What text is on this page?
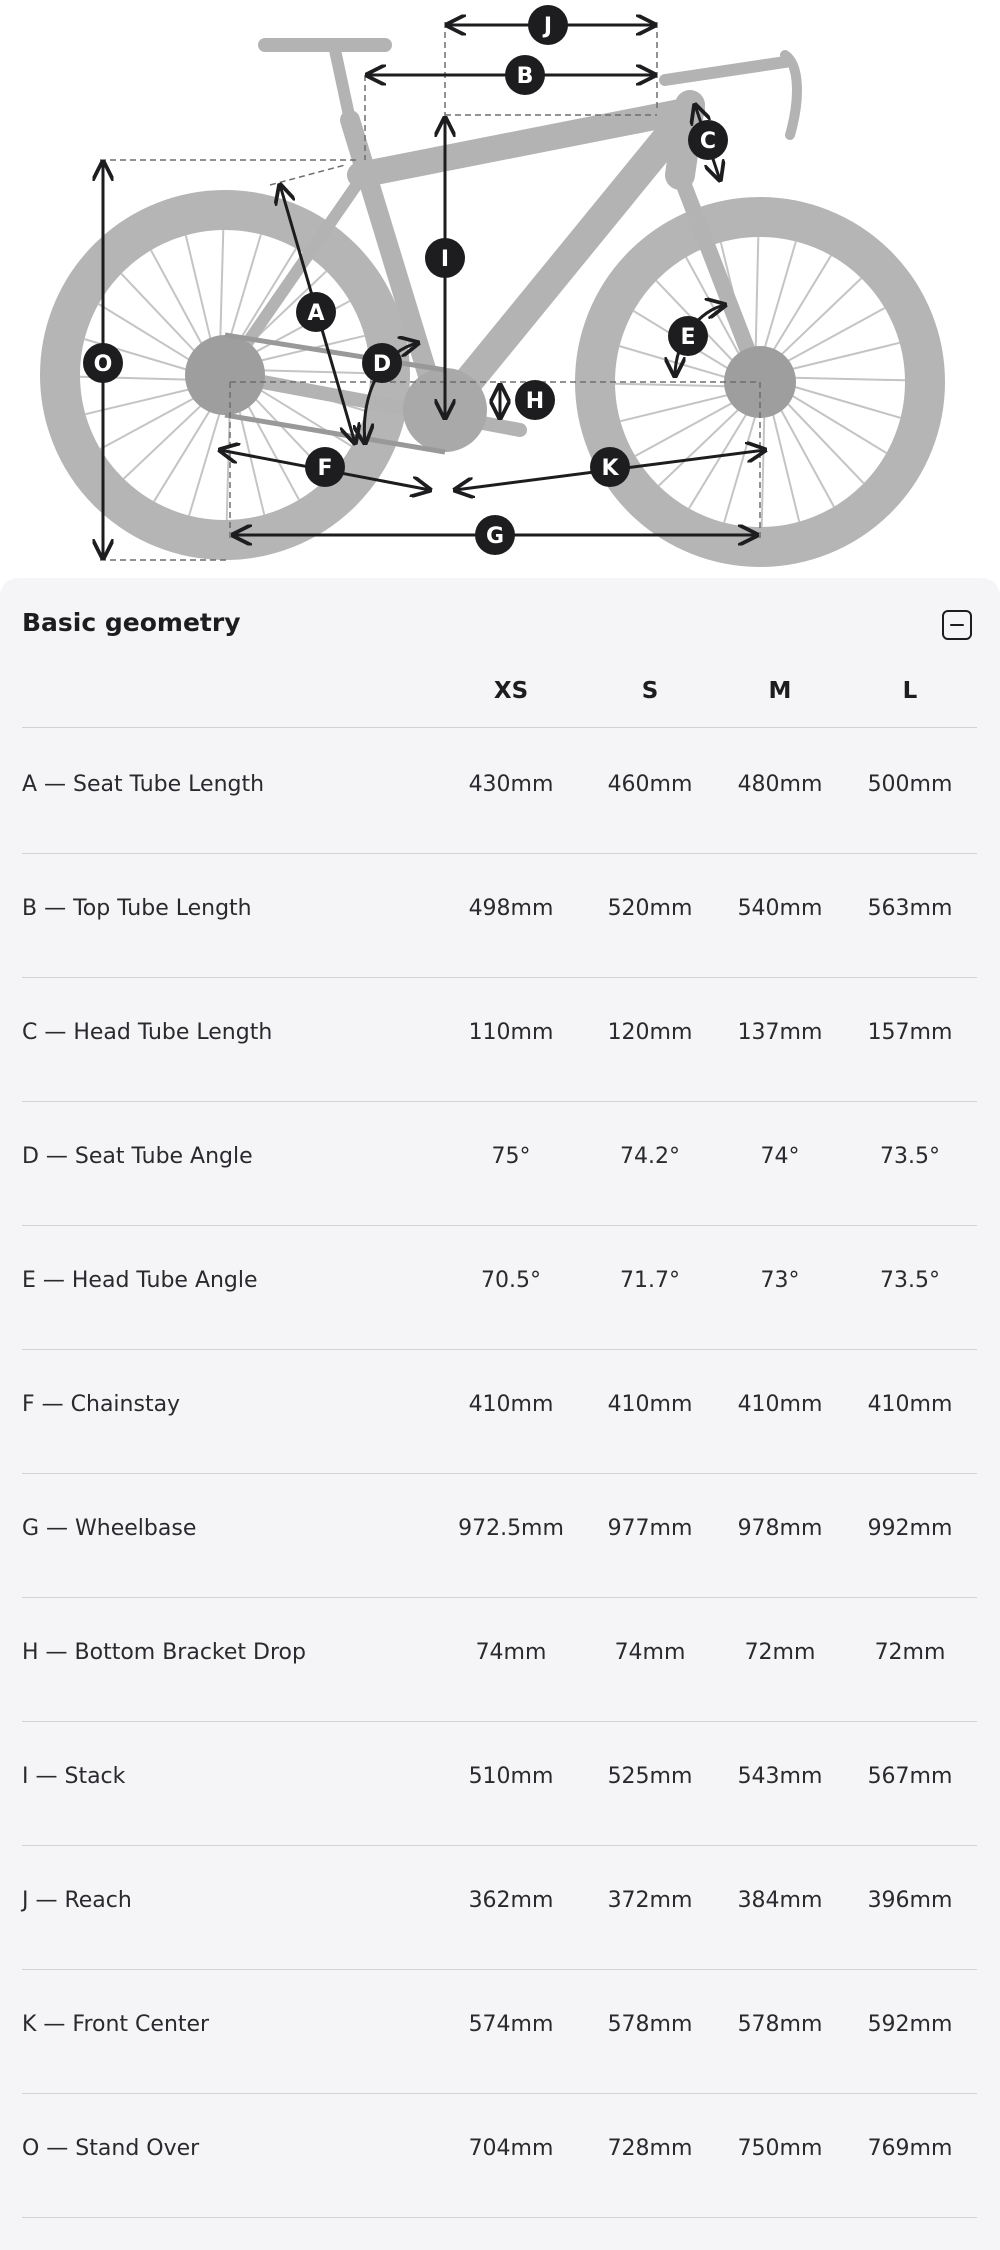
J
B
C
I
A
O	D
E
H
F	K
G
Basic geometry
XS	S	M	L
A — Seat Tube Length	430mm	460mm	480mm	500mm
B — Top Tube Length	498mm	520mm	540mm	563mm
C — Head Tube Length	110mm	120mm	137mm	157mm
D — Seat Tube Angle	75°	74.2°	74°	73.5°
E — Head Tube Angle	70.5°	71.7°	73°	73.5°
F — Chainstay	410mm	410mm	410mm	410mm
G — Wheelbase	972.5mm	977mm	978mm	992mm
H — Bottom Bracket Drop	74mm	74mm	72mm	72mm
I — Stack	510mm	525mm	543mm	567mm
J — Reach	362mm	372mm	384mm	396mm
K — Front Center	574mm	578mm	578mm	592mm
O — Stand Over	704mm	728mm	750mm	769mm
